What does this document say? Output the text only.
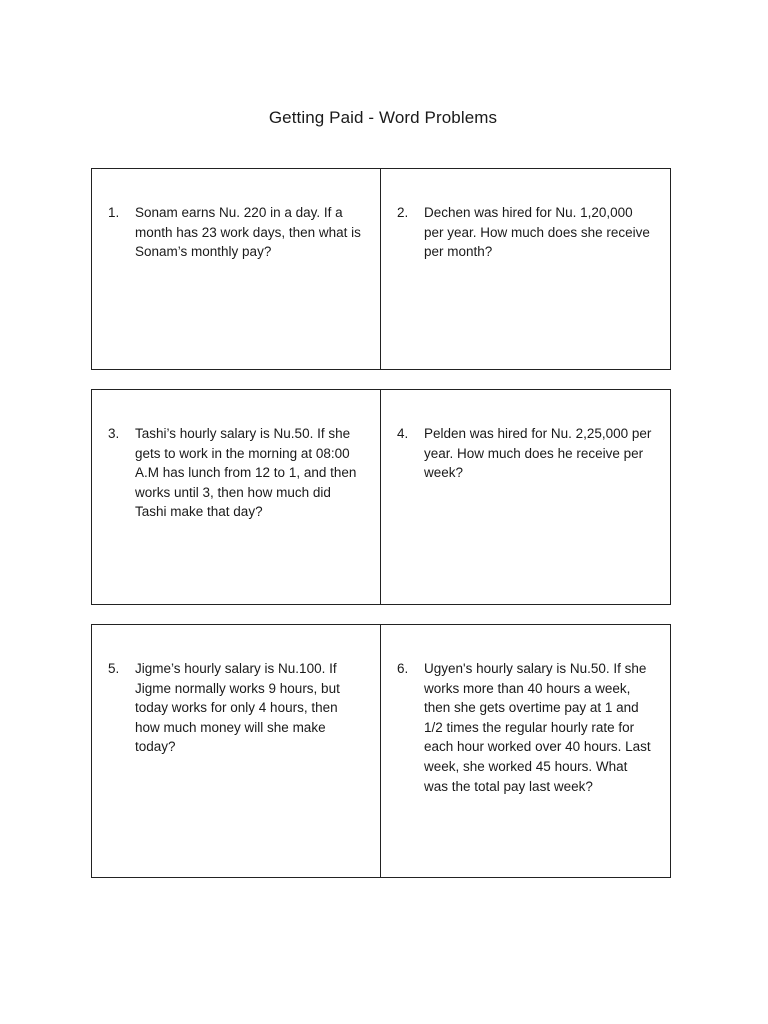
Getting Paid - Word Problems
1. Sonam earns Nu. 220 in a day. If a
month has 23 work days, then what is
Sonam’s monthly pay?
2. Dechen was hired for Nu. 1,20,000
per year. How much does she receive
per month?
3. Tashi’s hourly salary is Nu.50. If she
gets to work in the morning at 08:00
A.M has lunch from 12 to 1, and then
works until 3, then how much did
Tashi make that day?
4. Pelden was hired for Nu. 2,25,000 per
year. How much does he receive per
week?
5. Jigme’s hourly salary is Nu.100. If
Jigme normally works 9 hours, but
today works for only 4 hours, then
how much money will she make
today?
6. Ugyen's hourly salary is Nu.50. If she
works more than 40 hours a week,
then she gets overtime pay at 1 and
1/2 times the regular hourly rate for
each hour worked over 40 hours. Last
week, she worked 45 hours. What
was the total pay last week?
